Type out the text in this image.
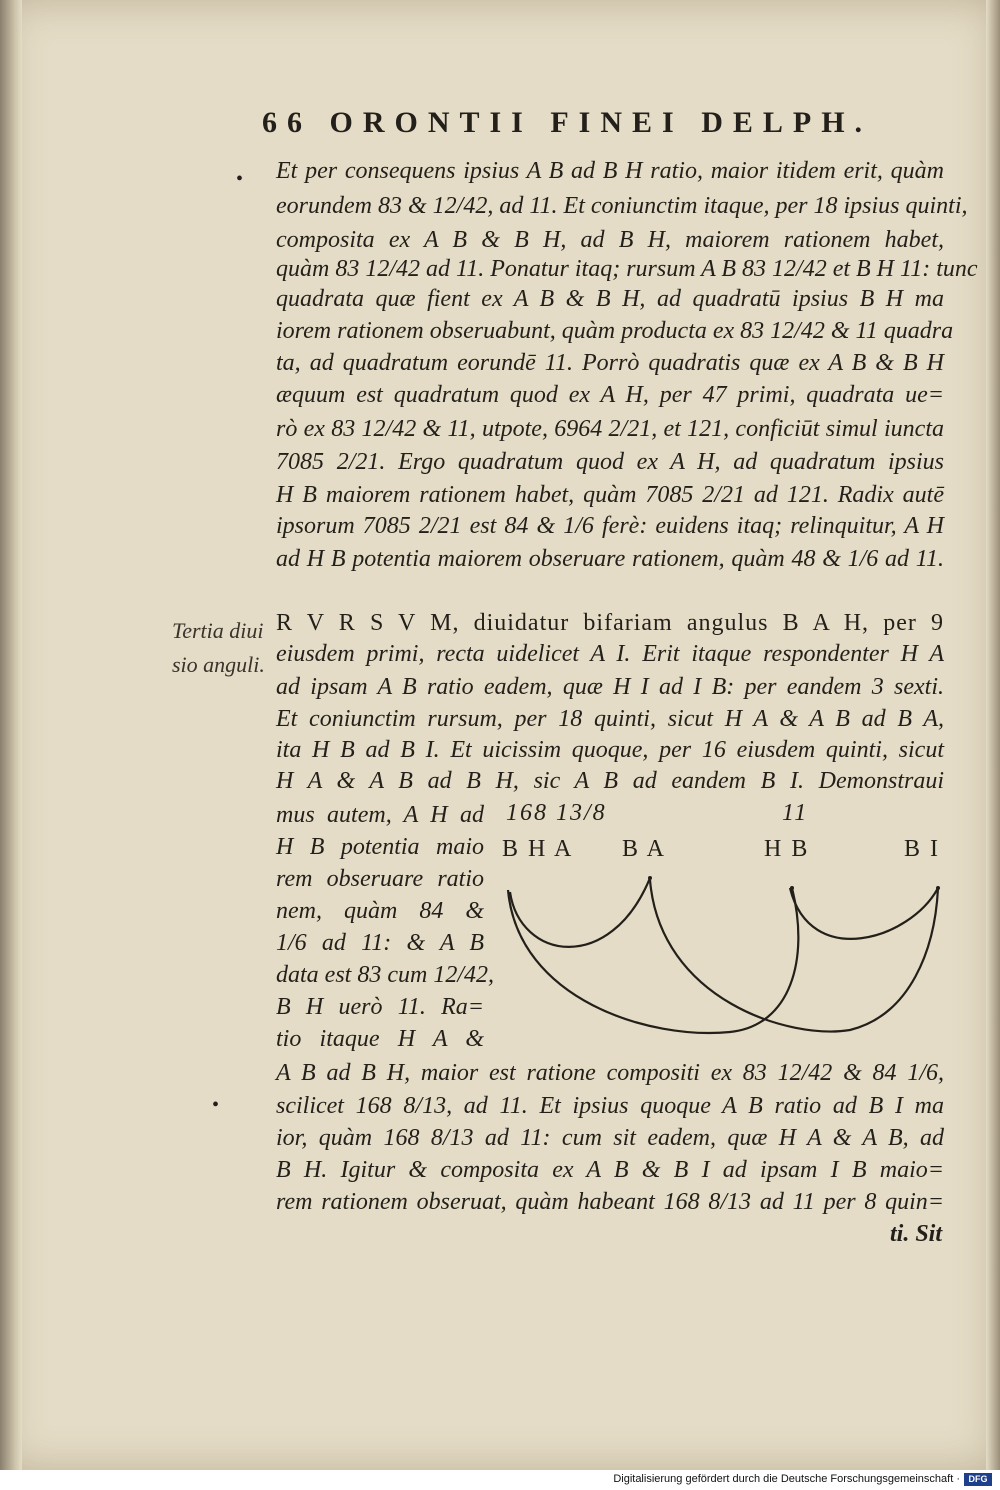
66 ORONTII FINEI DELPH.
•
•
Et per consequens ipsius A B ad B H ratio, maior itidem erit, quàm
eorundem 83 & 12/42, ad 11. Et coniunctim itaque, per 18 ipsius quinti,
composita ex A B & B H, ad B H, maiorem rationem habet,
quàm 83 12/42 ad 11. Ponatur itaq; rursum A B 83 12/42 et B H 11: tunc
quadrata quæ fient ex A B & B H, ad quadratū ipsius B H ma
iorem rationem obseruabunt, quàm producta ex 83 12/42 & 11 quadra
ta, ad quadratum eorundē 11. Porrò quadratis quæ ex A B & B H
æquum est quadratum quod ex A H, per 47 primi, quadrata ue=
rò ex 83 12/42 & 11, utpote, 6964 2/21, et 121, conficiūt simul iuncta
7085 2/21. Ergo quadratum quod ex A H, ad quadratum ipsius
H B maiorem rationem habet, quàm 7085 2/21 ad 121. Radix autē
ipsorum 7085 2/21 est 84 & 1/6 ferè: euidens itaq; relinquitur, A H
ad H B potentia maiorem obseruare rationem, quàm 48 & 1/6 ad 11.
Tertia diui
sio anguli.
R V R S V M, diuidatur bifariam angulus B A H, per 9
eiusdem primi, recta uidelicet A I. Erit itaque respondenter H A
ad ipsam A B ratio eadem, quæ H I ad I B: per eandem 3 sexti.
Et coniunctim rursum, per 18 quinti, sicut H A & A B ad B A,
ita H B ad B I. Et uicissim quoque, per 16 eiusdem quinti, sicut
H A & A B ad B H, sic A B ad eandem B I. Demonstraui
mus autem, A H ad
H B potentia maio
rem obseruare ratio
nem, quàm 84 &
1/6 ad 11: & A B
data est 83 cum 12/42,
B H uerò 11. Ra=
tio itaque H A &
168 13/8	11
B H A B A	H B	B I
A B ad B H, maior est ratione compositi ex 83 12/42 & 84 1/6,
scilicet 168 8/13, ad 11. Et ipsius quoque A B ratio ad B I ma
ior, quàm 168 8/13 ad 11: cum sit eadem, quæ H A & A B, ad
B H. Igitur & composita ex A B & B I ad ipsam I B maio=
rem rationem obseruat, quàm habeant 168 8/13 ad 11 per 8 quin=
ti. Sit
Digitalisierung gefördert durch die Deutsche Forschungsgemeinschaft · DFG
